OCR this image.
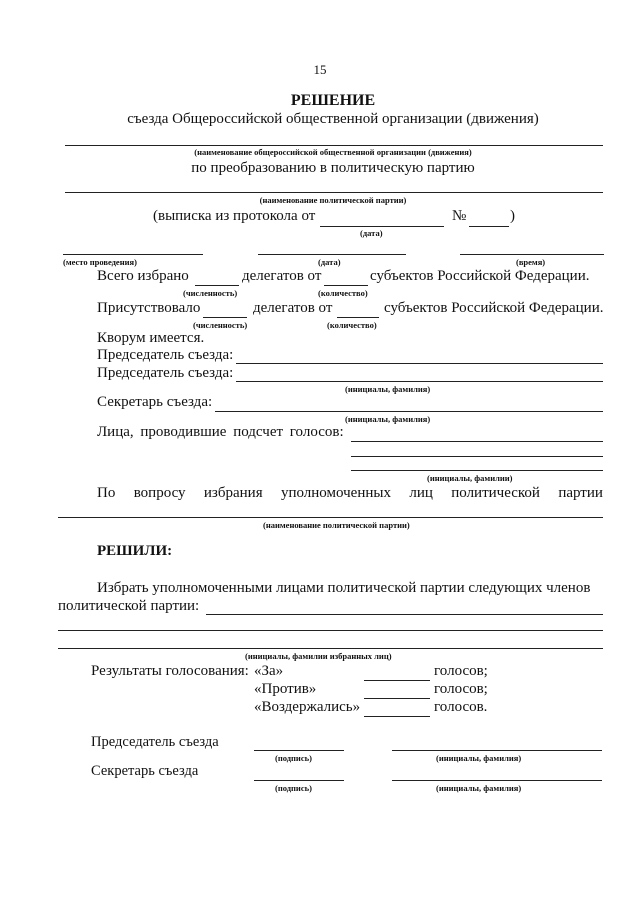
15
РЕШЕНИЕ
съезда Общероссийской общественной организации (движения)
(наименование общероссийской общественной организации (движения)
по преобразованию в политическую партию
(наименование политической партии)
(выписка из протокола от	№	)
(дата)
(место проведения)	(дата)	(время)
Всего избрано	делегатов от	субъектов Российской Федерации.
(численность)	(количество)
Присутствовало	делегатов от	субъектов Российской Федерации.
(численность)	(количество)
Кворум имеется.
Председатель съезда:
Председатель съезда:
(инициалы, фамилия)
Секретарь съезда:
(инициалы, фамилия)
Лица, проводившие подсчет голосов:
(инициалы, фамилии)
По вопросу избрания уполномоченных лиц политической партии
(наименование политической партии)
РЕШИЛИ:
Избрать уполномоченными лицами политической партии следующих членов
политической партии:
(инициалы, фамилии избранных лиц)
Результаты голосования: «За»	голосов;
«Против»	голосов;
«Воздержались»	голосов.
Председатель съезда
(подпись)	(инициалы, фамилия)
Секретарь съезда
(подпись)	(инициалы, фамилия)
